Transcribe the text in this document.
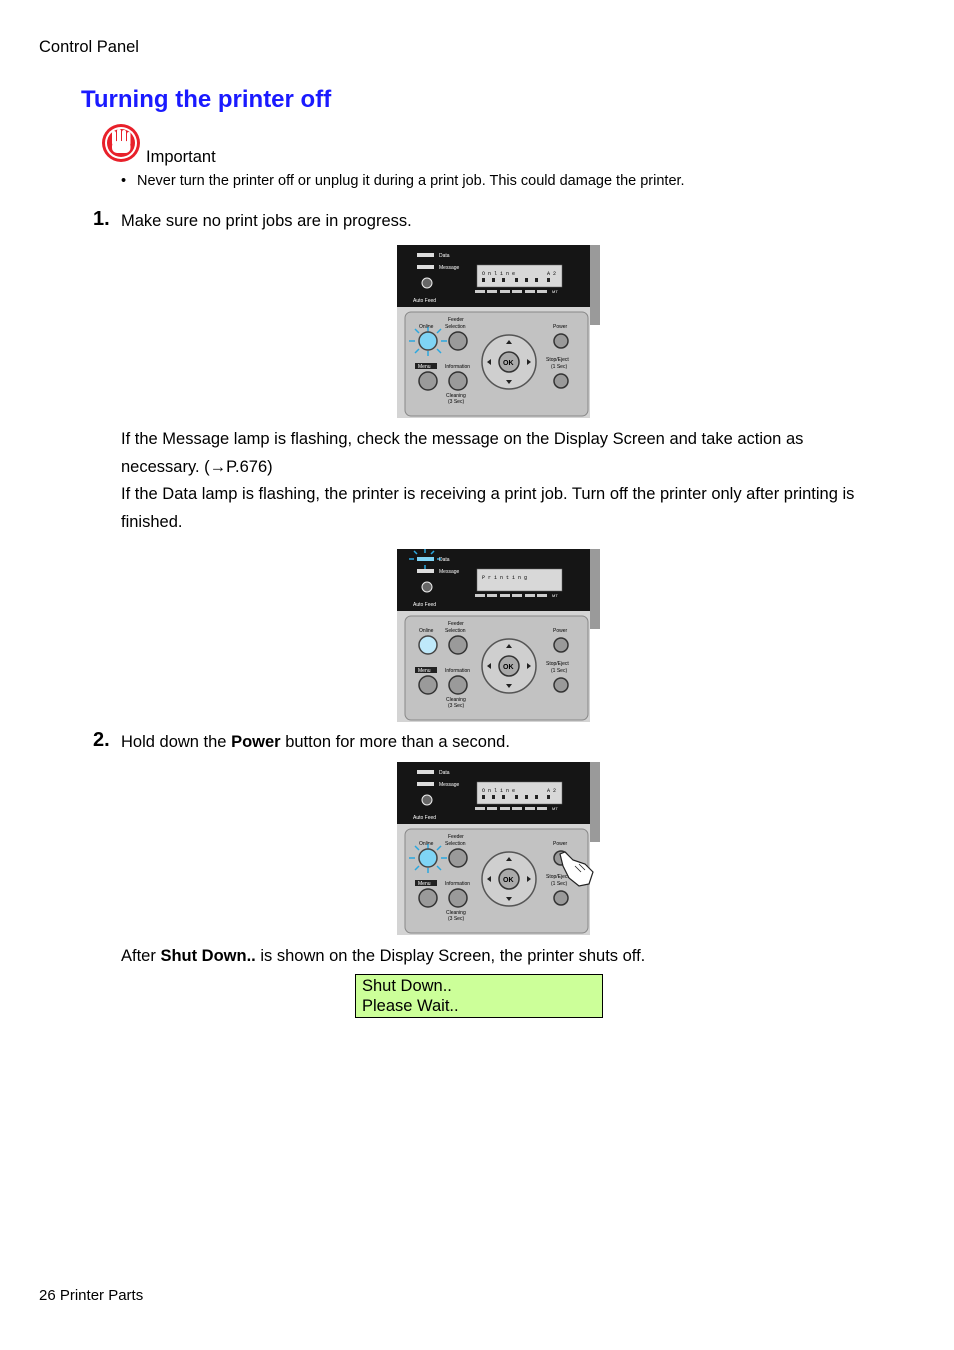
Control Panel
Turning the printer off
Important
• Never turn the printer off or unplug it during a print job. This could damage the printer.
1. Make sure no print jobs are in progress.
Data
Message
O n l i n e	A 2
MT
Auto Feed
Online
Feeder
Selection	Power
Menu	Information
Cleaning
(3 Sec)
OK	Stop/Eject
(1 Sec)

If the Message lamp is flashing, check the message on the Display Screen and take action as necessary. (→P.676)

If the Data lamp is flashing, the printer is receiving a print job. Turn off the printer only after printing is finished.

Data
Message
P r i n t i n g
MT
Auto Feed
Online
Feeder
Selection	Power
Menu	Information
Cleaning
(3 Sec)
OK	Stop/Eject
(1 Sec)
2. Hold down the Power button for more than a second.
Data
Message
O n l i n e	A 2
MT
Auto Feed
Online
Feeder
Selection	Power
Menu	Information
Cleaning
(3 Sec)
OK	Stop/Eject
(1 Sec)
After Shut Down.. is shown on the Display Screen, the printer shuts off.
Shut Down..
Please Wait..
26 Printer Parts
